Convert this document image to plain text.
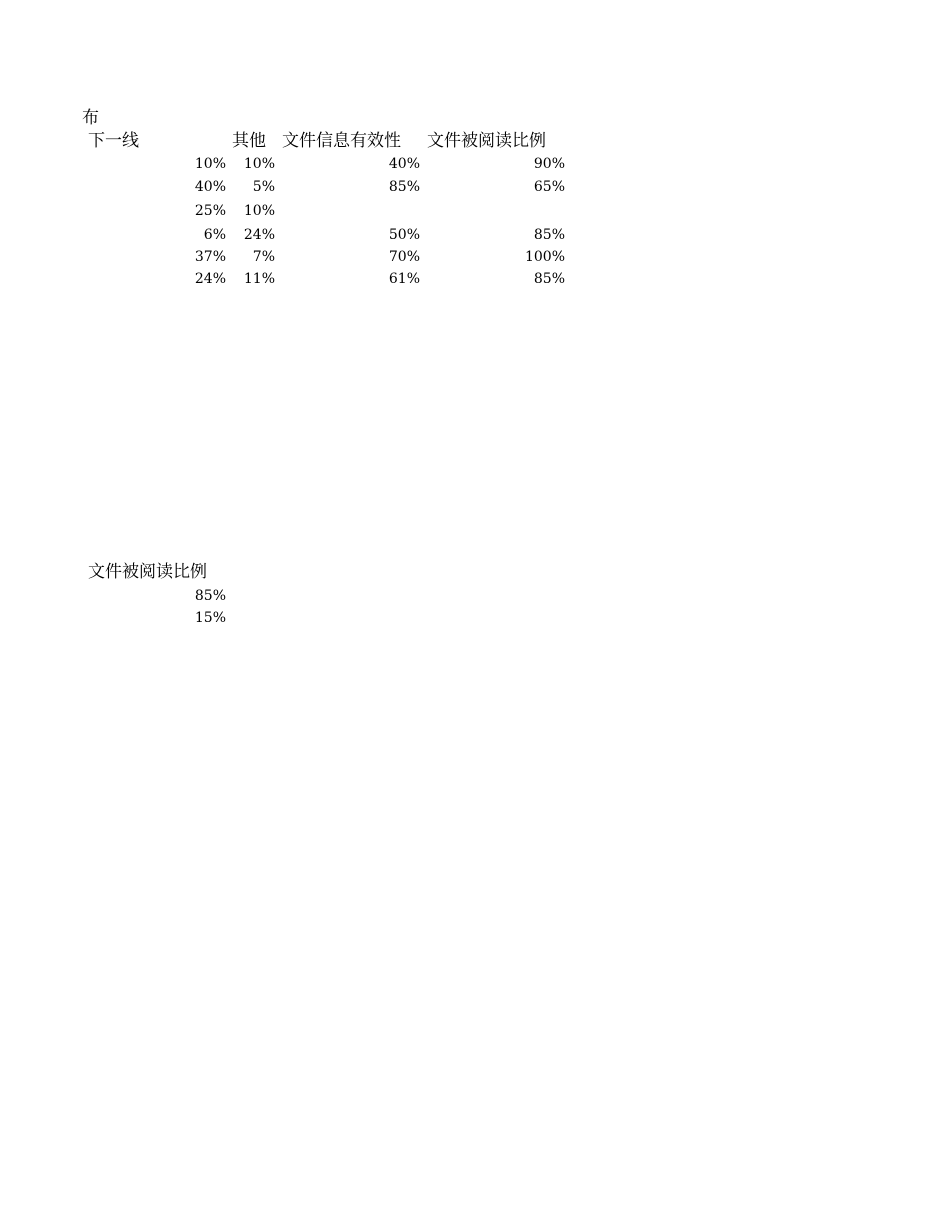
布
下一线	其他 文件信息有效性 文件被阅读比例
10%	10%	40%	90%
40%	5%	85%	65%
25%	10%
6%	24%	50%	85%
37%	7%	70%	100%
24%	11%	61%	85%
文件被阅读比例
85%
15%
